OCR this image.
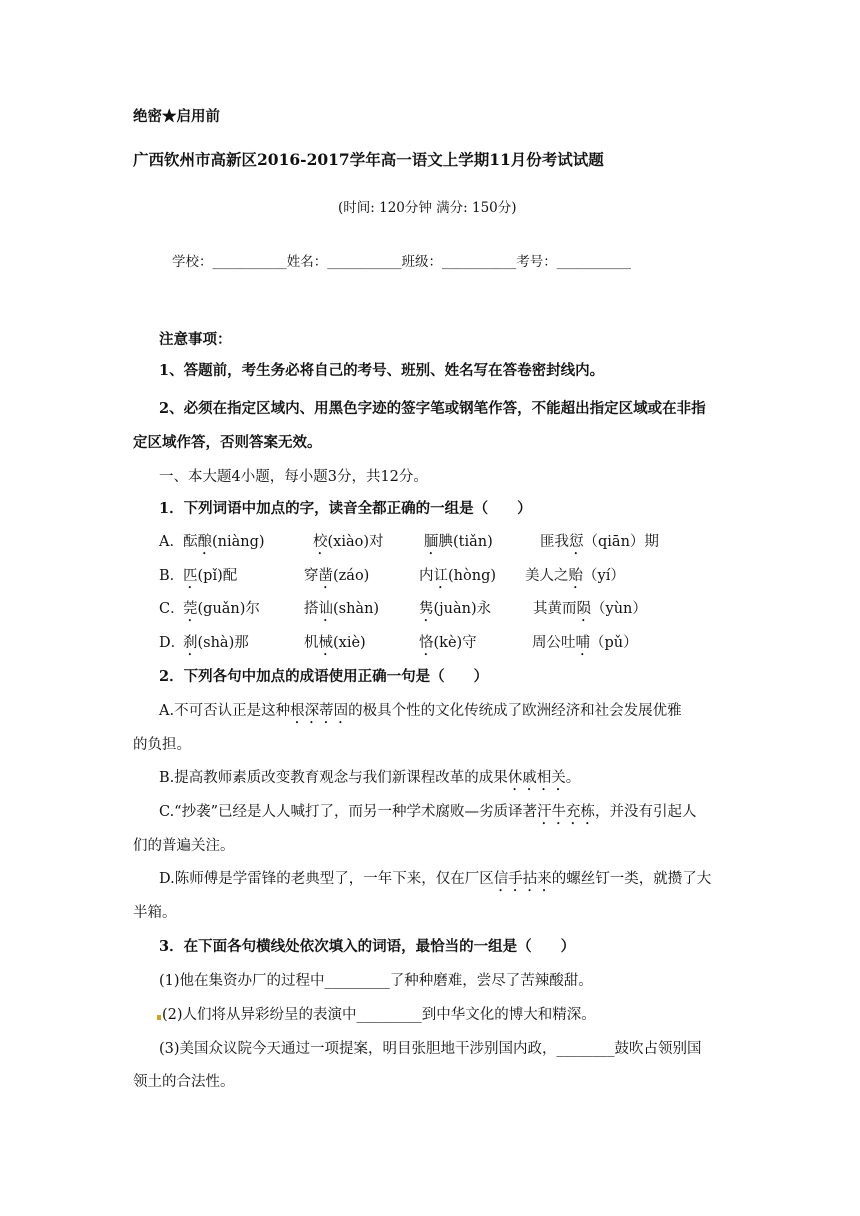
绝密★启用前
广西钦州市高新区2016-2017学年高一语文上学期11月份考试试题
(时间: 120分钟 满分: 150分)
学校：___________姓名：___________班级：___________考号：___________
注意事项：
1、答题前，考生务必将自己的考号、班别、姓名写在答卷密封线内。
2、必须在指定区域内、用黑色字迹的签字笔或钢笔作答，不能超出指定区域或在非指
定区域作答，否则答案无效。
一、本大题4小题，每小题3分，共12分。
1．下列词语中加点的字，读音全都正确的一组是（　　）
A． 酝酿(niàng)	校(xiào)对	腼腆(tiǎn)	匪我愆（qiān）期
B．
匹(pǐ)配	穿凿(záo)	内讧(hòng) 美人之贻（yí）
C．
莞(guǎn)尔	搭讪(shàn)	隽(juàn)永	其黄而陨（yùn）
D．
刹(shà)那	机械(xiè)	恪(kè)守	周公吐哺（pǔ）
2．下列各句中加点的成语使用正确一句是（　　）
A.不可否认正是这种根深蒂固的极具个性的文化传统成了欧洲经济和社会发展优雅
的负担。
B.提高教师素质改变教育观念与我们新课程改革的成果休戚相关。
C.“抄袭”已经是人人喊打了，而另一种学术腐败—劣质译著汗牛充栋，并没有引起人
们的普遍关注。
D.陈师傅是学雷锋的老典型了，一年下来，仅在厂区信手拈来的螺丝钉一类，就攒了大
半箱。
3．在下面各句横线处依次填入的词语，最恰当的一组是（　　）
(1)他在集资办厂的过程中_________了种种磨难，尝尽了苦辣酸甜。
(2)人们将从异彩纷呈的表演中_________到中华文化的博大和精深。
(3)美国众议院今天通过一项提案，明目张胆地干涉别国内政，________鼓吹占领别国
领土的合法性。
